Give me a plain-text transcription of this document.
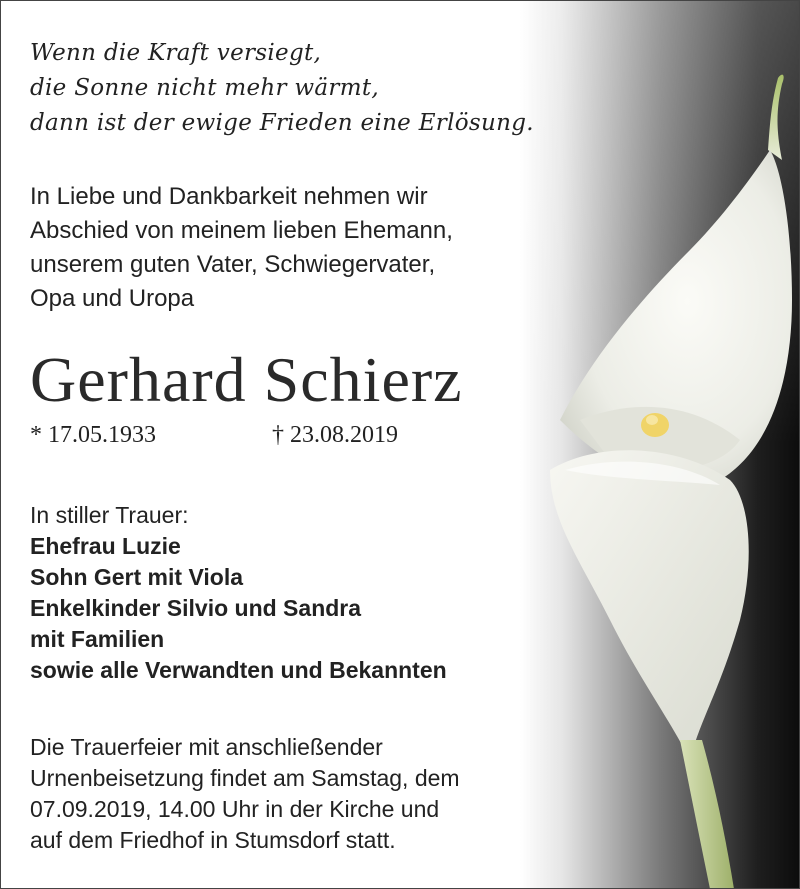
Wenn die Kraft versiegt,
die Sonne nicht mehr wärmt,
dann ist der ewige Frieden eine Erlösung.
In Liebe und Dankbarkeit nehmen wir
Abschied von meinem lieben Ehemann,
unserem guten Vater, Schwiegervater,
Opa und Uropa
Gerhard Schierz
* 17.05.1933	† 23.08.2019
In stiller Trauer:
Ehefrau Luzie
Sohn Gert mit Viola
Enkelkinder Silvio und Sandra
mit Familien
sowie alle Verwandten und Bekannten
Die Trauerfeier mit anschließender
Urnenbeisetzung findet am Samstag, dem
07.09.2019, 14.00 Uhr in der Kirche und
auf dem Friedhof in Stumsdorf statt.
